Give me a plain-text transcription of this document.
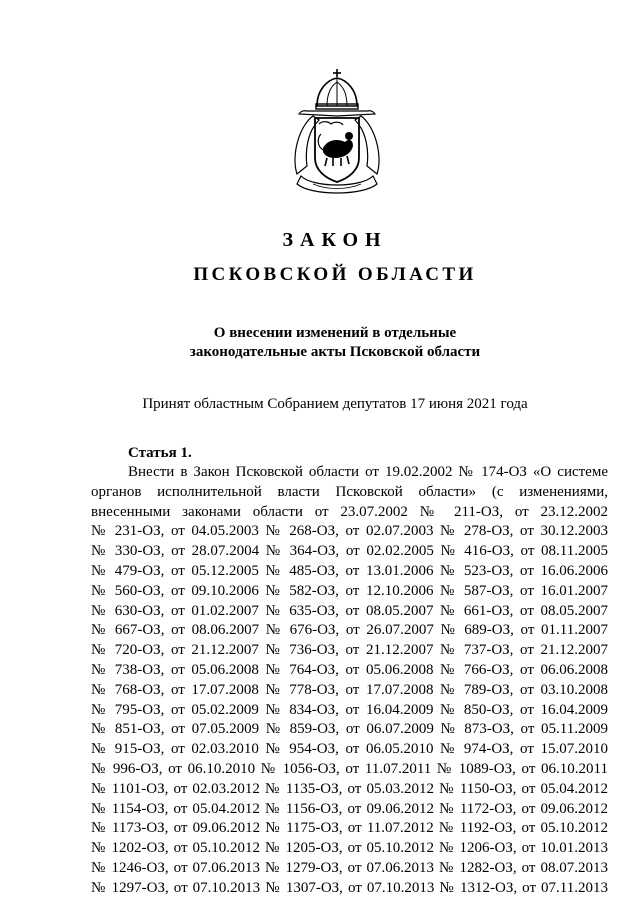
ЗАКОН
ПСКОВСКОЙ ОБЛАСТИ
О внесении изменений в отдельные
законодательные акты Псковской области
Принят областным Собранием депутатов 17 июня 2021 года
Статья 1.
Внести в Закон Псковской области от 19.02.2002 № 174-ОЗ «О системе
органов исполнительной власти Псковской области» (с изменениями,
внесенными законами области от 23.07.2002 № 211-ОЗ, от 23.12.2002
№ 231-ОЗ, от 04.05.2003 № 268-ОЗ, от 02.07.2003 № 278-ОЗ, от 30.12.2003
№ 330-ОЗ, от 28.07.2004 № 364-ОЗ, от 02.02.2005 № 416-ОЗ, от 08.11.2005
№ 479-ОЗ, от 05.12.2005 № 485-ОЗ, от 13.01.2006 № 523-ОЗ, от 16.06.2006
№ 560-ОЗ, от 09.10.2006 № 582-ОЗ, от 12.10.2006 № 587-ОЗ, от 16.01.2007
№ 630-ОЗ, от 01.02.2007 № 635-ОЗ, от 08.05.2007 № 661-ОЗ, от 08.05.2007
№ 667-ОЗ, от 08.06.2007 № 676-ОЗ, от 26.07.2007 № 689-ОЗ, от 01.11.2007
№ 720-ОЗ, от 21.12.2007 № 736-ОЗ, от 21.12.2007 № 737-ОЗ, от 21.12.2007
№ 738-ОЗ, от 05.06.2008 № 764-ОЗ, от 05.06.2008 № 766-ОЗ, от 06.06.2008
№ 768-ОЗ, от 17.07.2008 № 778-ОЗ, от 17.07.2008 № 789-ОЗ, от 03.10.2008
№ 795-ОЗ, от 05.02.2009 № 834-ОЗ, от 16.04.2009 № 850-ОЗ, от 16.04.2009
№ 851-ОЗ, от 07.05.2009 № 859-ОЗ, от 06.07.2009 № 873-ОЗ, от 05.11.2009
№ 915-ОЗ, от 02.03.2010 № 954-ОЗ, от 06.05.2010 № 974-ОЗ, от 15.07.2010
№ 996-ОЗ, от 06.10.2010 № 1056-ОЗ, от 11.07.2011 № 1089-ОЗ, от 06.10.2011
№ 1101-ОЗ, от 02.03.2012 № 1135-ОЗ, от 05.03.2012 № 1150-ОЗ, от 05.04.2012
№ 1154-ОЗ, от 05.04.2012 № 1156-ОЗ, от 09.06.2012 № 1172-ОЗ, от 09.06.2012
№ 1173-ОЗ, от 09.06.2012 № 1175-ОЗ, от 11.07.2012 № 1192-ОЗ, от 05.10.2012
№ 1202-ОЗ, от 05.10.2012 № 1205-ОЗ, от 05.10.2012 № 1206-ОЗ, от 10.01.2013
№ 1246-ОЗ, от 07.06.2013 № 1279-ОЗ, от 07.06.2013 № 1282-ОЗ, от 08.07.2013
№ 1297-ОЗ, от 07.10.2013 № 1307-ОЗ, от 07.10.2013 № 1312-ОЗ, от 07.11.2013
